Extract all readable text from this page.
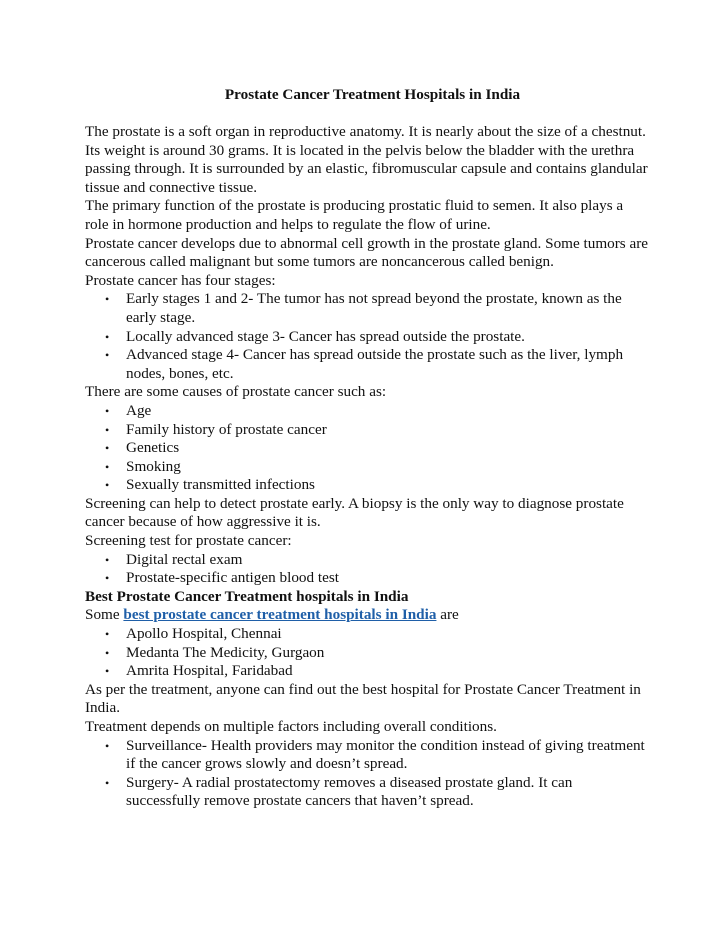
Prostate Cancer Treatment Hospitals in India

The prostate is a soft organ in reproductive anatomy. It is nearly about the size of a chestnut. Its weight is around 30 grams. It is located in the pelvis below the bladder with the urethra passing through. It is surrounded by an elastic, fibromuscular capsule and contains glandular tissue and connective tissue.

The primary function of the prostate is producing prostatic fluid to semen. It also plays a role in hormone production and helps to regulate the flow of urine.

Prostate cancer develops due to abnormal cell growth in the prostate gland. Some tumors are cancerous called malignant but some tumors are noncancerous called benign.

Prostate cancer has four stages:

• Early stages 1 and 2- The tumor has not spread beyond the prostate, known as the early stage.
• Locally advanced stage 3- Cancer has spread outside the prostate.
• Advanced stage 4- Cancer has spread outside the prostate such as the liver, lymph nodes, bones, etc.

There are some causes of prostate cancer such as:

• Age
• Family history of prostate cancer
• Genetics
• Smoking
• Sexually transmitted infections

Screening can help to detect prostate early. A biopsy is the only way to diagnose prostate cancer because of how aggressive it is.

Screening test for prostate cancer:

• Digital rectal exam
• Prostate-specific antigen blood test

Best Prostate Cancer Treatment hospitals in India

Some best prostate cancer treatment hospitals in India are

• Apollo Hospital, Chennai
• Medanta The Medicity, Gurgaon
• Amrita Hospital, Faridabad

As per the treatment, anyone can find out the best hospital for Prostate Cancer Treatment in India.

Treatment depends on multiple factors including overall conditions.

• Surveillance- Health providers may monitor the condition instead of giving treatment if the cancer grows slowly and doesn’t spread.
• Surgery- A radial prostatectomy removes a diseased prostate gland. It can successfully remove prostate cancers that haven’t spread.
